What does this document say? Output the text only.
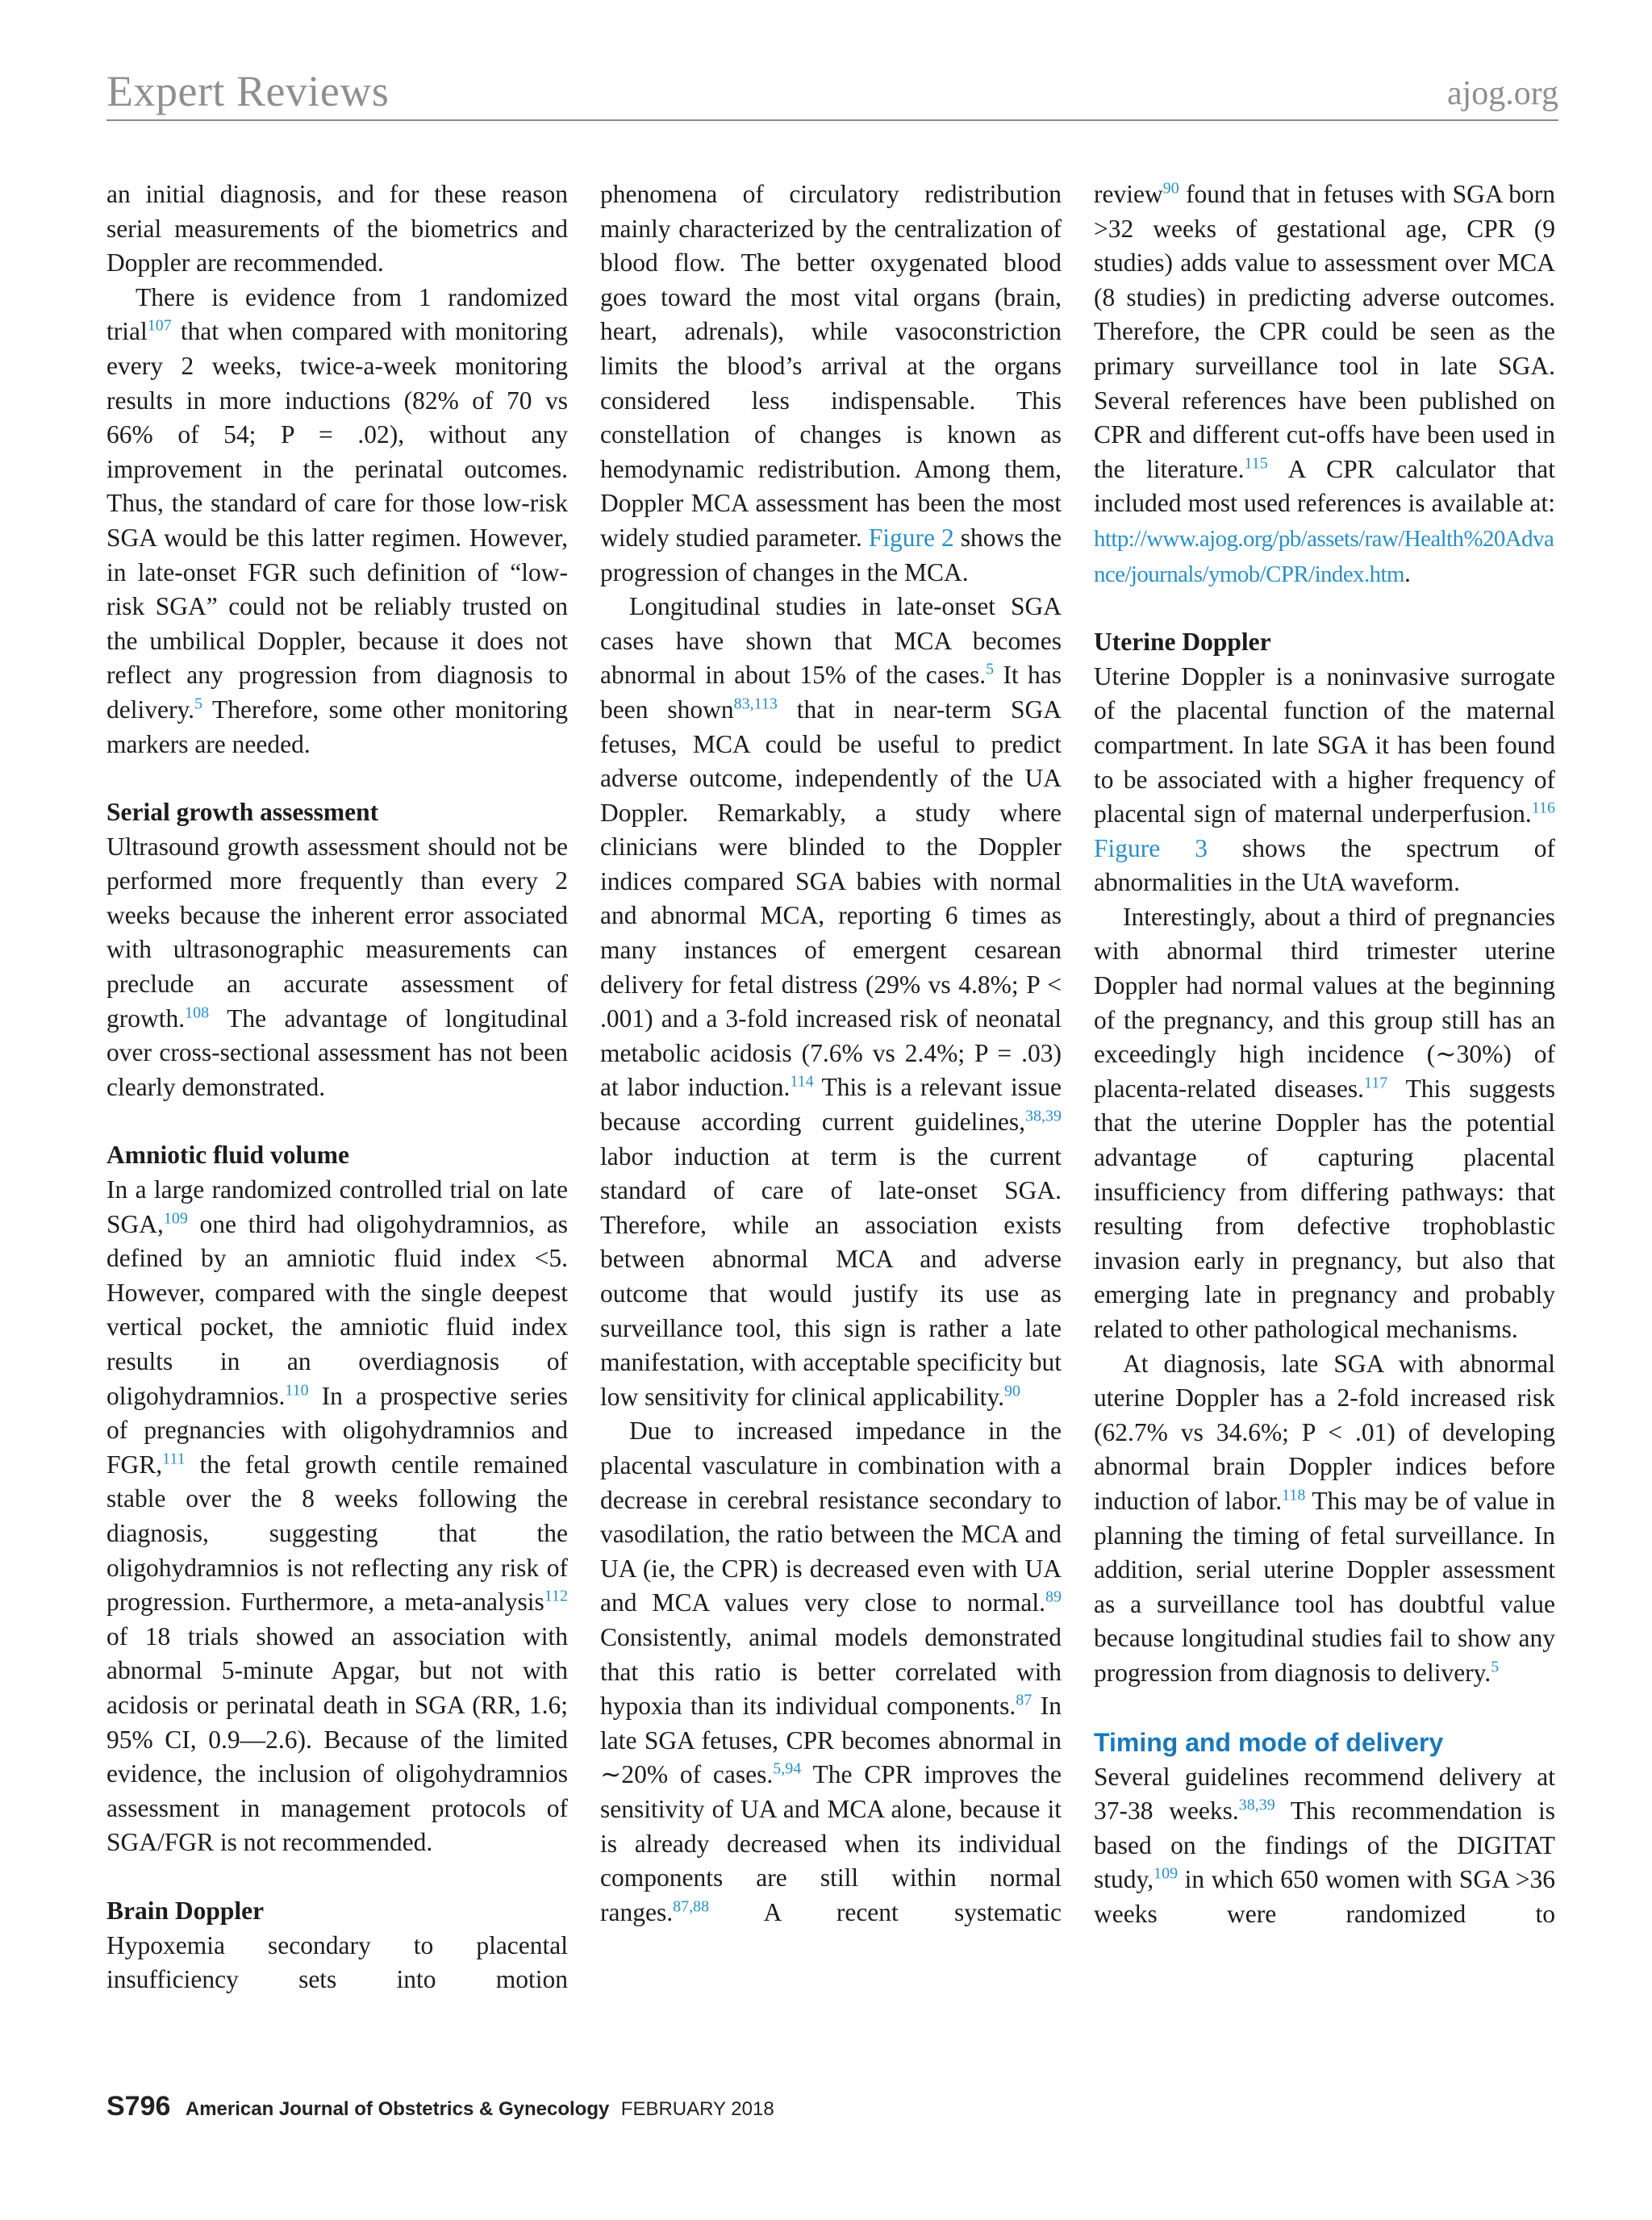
Expert Reviews	ajog.org

an initial diagnosis, and for these reason serial measurements of the biometrics and Doppler are recommended.

There is evidence from 1 randomized trial$^{107}$ that when compared with monitoring every 2 weeks, twice-a-week monitoring results in more inductions (82% of 70 vs 66% of 54; P = .02), without any improvement in the perinatal outcomes. Thus, the standard of care for those low-risk SGA would be this latter regimen. However, in late-onset FGR such definition of “low-risk SGA” could not be reliably trusted on the umbilical Doppler, because it does not reflect any progression from diagnosis to delivery.$^5$ Therefore, some other monitoring markers are needed.

Serial growth assessment

Ultrasound growth assessment should not be performed more frequently than every 2 weeks because the inherent error associated with ultrasonographic measurements can preclude an accurate assessment of growth.$^{108}$ The advantage of longitudinal over cross-sectional assessment has not been clearly demonstrated.

Amniotic fluid volume

In a large randomized controlled trial on late SGA,$^{109}$ one third had oligohydramnios, as defined by an amniotic fluid index <5. However, compared with the single deepest vertical pocket, the amniotic fluid index results in an overdiagnosis of oligohydramnios.$^{110}$ In a prospective series of pregnancies with oligohydramnios and FGR,$^{111}$ the fetal growth centile remained stable over the 8 weeks following the diagnosis, suggesting that the oligohydramnios is not reflecting any risk of progression. Furthermore, a meta-analysis$^{112}$ of 18 trials showed an association with abnormal 5-minute Apgar, but not with acidosis or perinatal death in SGA (RR, 1.6; 95% CI, 0.9—2.6). Because of the limited evidence, the inclusion of oligohydramnios assessment in management protocols of SGA/FGR is not recommended.

Brain Doppler

Hypoxemia secondary to placental insufficiency sets into motion

phenomena of circulatory redistribution mainly characterized by the centralization of blood flow. The better oxygenated blood goes toward the most vital organs (brain, heart, adrenals), while vasoconstriction limits the blood’s arrival at the organs considered less indispensable. This constellation of changes is known as hemodynamic redistribution. Among them, Doppler MCA assessment has been the most widely studied parameter. Figure 2 shows the progression of changes in the MCA.

Longitudinal studies in late-onset SGA cases have shown that MCA becomes abnormal in about 15% of the cases.$^5$ It has been shown$^{83,113}$ that in near-term SGA fetuses, MCA could be useful to predict adverse outcome, independently of the UA Doppler. Remarkably, a study where clinicians were blinded to the Doppler indices compared SGA babies with normal and abnormal MCA, reporting 6 times as many instances of emergent cesarean delivery for fetal distress (29% vs 4.8%; P < .001) and a 3-fold increased risk of neonatal metabolic acidosis (7.6% vs 2.4%; P = .03) at labor induction.$^{114}$ This is a relevant issue because according current guidelines,$^{38,39}$ labor induction at term is the current standard of care of late-onset SGA. Therefore, while an association exists between abnormal MCA and adverse outcome that would justify its use as surveillance tool, this sign is rather a late manifestation, with acceptable specificity but low sensitivity for clinical applicability.$^{90}$

Due to increased impedance in the placental vasculature in combination with a decrease in cerebral resistance secondary to vasodilation, the ratio between the MCA and UA (ie, the CPR) is decreased even with UA and MCA values very close to normal.$^{89}$ Consistently, animal models demonstrated that this ratio is better correlated with hypoxia than its individual components.$^{87}$ In late SGA fetuses, CPR becomes abnormal in ∼20% of cases.$^{5,94}$ The CPR improves the sensitivity of UA and MCA alone, because it is already decreased when its individual components are still within normal ranges.$^{87,88}$ A recent systematic

review$^{90}$ found that in fetuses with SGA born >32 weeks of gestational age, CPR (9 studies) adds value to assessment over MCA (8 studies) in predicting adverse outcomes. Therefore, the CPR could be seen as the primary surveillance tool in late SGA. Several references have been published on CPR and different cut-offs have been used in the literature.$^{115}$ A CPR calculator that included most used references is available at: http://www.ajog.org/pb/assets/raw/Health%20Advance/journals/ymob/CPR/index.htm.

Uterine Doppler

Uterine Doppler is a noninvasive surrogate of the placental function of the maternal compartment. In late SGA it has been found to be associated with a higher frequency of placental sign of maternal underperfusion.$^{116}$ Figure 3 shows the spectrum of abnormalities in the UtA waveform.

Interestingly, about a third of pregnancies with abnormal third trimester uterine Doppler had normal values at the beginning of the pregnancy, and this group still has an exceedingly high incidence (∼30%) of placenta-related diseases.$^{117}$ This suggests that the uterine Doppler has the potential advantage of capturing placental insufficiency from differing pathways: that resulting from defective trophoblastic invasion early in pregnancy, but also that emerging late in pregnancy and probably related to other pathological mechanisms.

At diagnosis, late SGA with abnormal uterine Doppler has a 2-fold increased risk (62.7% vs 34.6%; P < .01) of developing abnormal brain Doppler indices before induction of labor.$^{118}$ This may be of value in planning the timing of fetal surveillance. In addition, serial uterine Doppler assessment as a surveillance tool has doubtful value because longitudinal studies fail to show any progression from diagnosis to delivery.$^5$

Timing and mode of delivery

Several guidelines recommend delivery at 37-38 weeks.$^{38,39}$ This recommendation is based on the findings of the DIGITAT study,$^{109}$ in which 650 women with SGA >36 weeks were randomized to

S796 American Journal of Obstetrics & Gynecology FEBRUARY 2018
